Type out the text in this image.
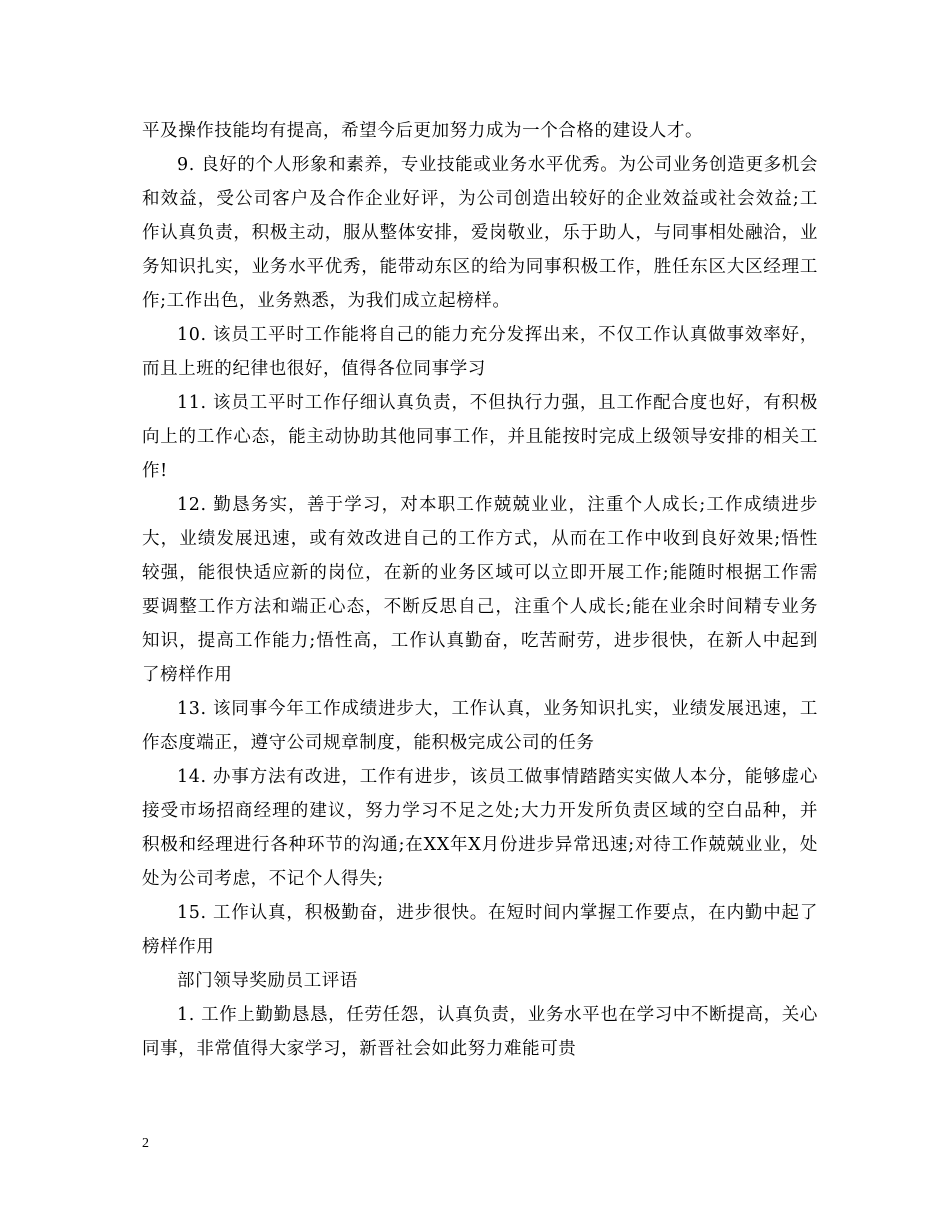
平及操作技能均有提高，希望今后更加努力成为一个合格的建设人才。

9. 良好的个人形象和素养，专业技能或业务水平优秀。为公司业务创造更多机会和效益，受公司客户及合作企业好评，为公司创造出较好的企业效益或社会效益;工作认真负责，积极主动，服从整体安排，爱岗敬业，乐于助人，与同事相处融洽，业务知识扎实，业务水平优秀，能带动东区的给为同事积极工作，胜任东区大区经理工作;工作出色，业务熟悉，为我们成立起榜样。

10. 该员工平时工作能将自己的能力充分发挥出来，不仅工作认真做事效率好，而且上班的纪律也很好，值得各位同事学习

11. 该员工平时工作仔细认真负责，不但执行力强，且工作配合度也好，有积极向上的工作心态，能主动协助其他同事工作，并且能按时完成上级领导安排的相关工作!

12. 勤恳务实，善于学习，对本职工作兢兢业业，注重个人成长;工作成绩进步大，业绩发展迅速，或有效改进自己的工作方式，从而在工作中收到良好效果;悟性较强，能很快适应新的岗位，在新的业务区域可以立即开展工作;能随时根据工作需要调整工作方法和端正心态，不断反思自己，注重个人成长;能在业余时间精专业务知识，提高工作能力;悟性高，工作认真勤奋，吃苦耐劳，进步很快，在新人中起到了榜样作用

13. 该同事今年工作成绩进步大，工作认真，业务知识扎实，业绩发展迅速，工作态度端正，遵守公司规章制度，能积极完成公司的任务

14. 办事方法有改进，工作有进步，该员工做事情踏踏实实做人本分，能够虚心接受市场招商经理的建议，努力学习不足之处;大力开发所负责区域的空白品种，并积极和经理进行各种环节的沟通;在XX年X月份进步异常迅速;对待工作兢兢业业，处处为公司考虑，不记个人得失;

15. 工作认真，积极勤奋，进步很快。在短时间内掌握工作要点，在内勤中起了榜样作用

部门领导奖励员工评语

1. 工作上勤勤恳恳，任劳任怨，认真负责，业务水平也在学习中不断提高，关心同事，非常值得大家学习，新晋社会如此努力难能可贵

2
